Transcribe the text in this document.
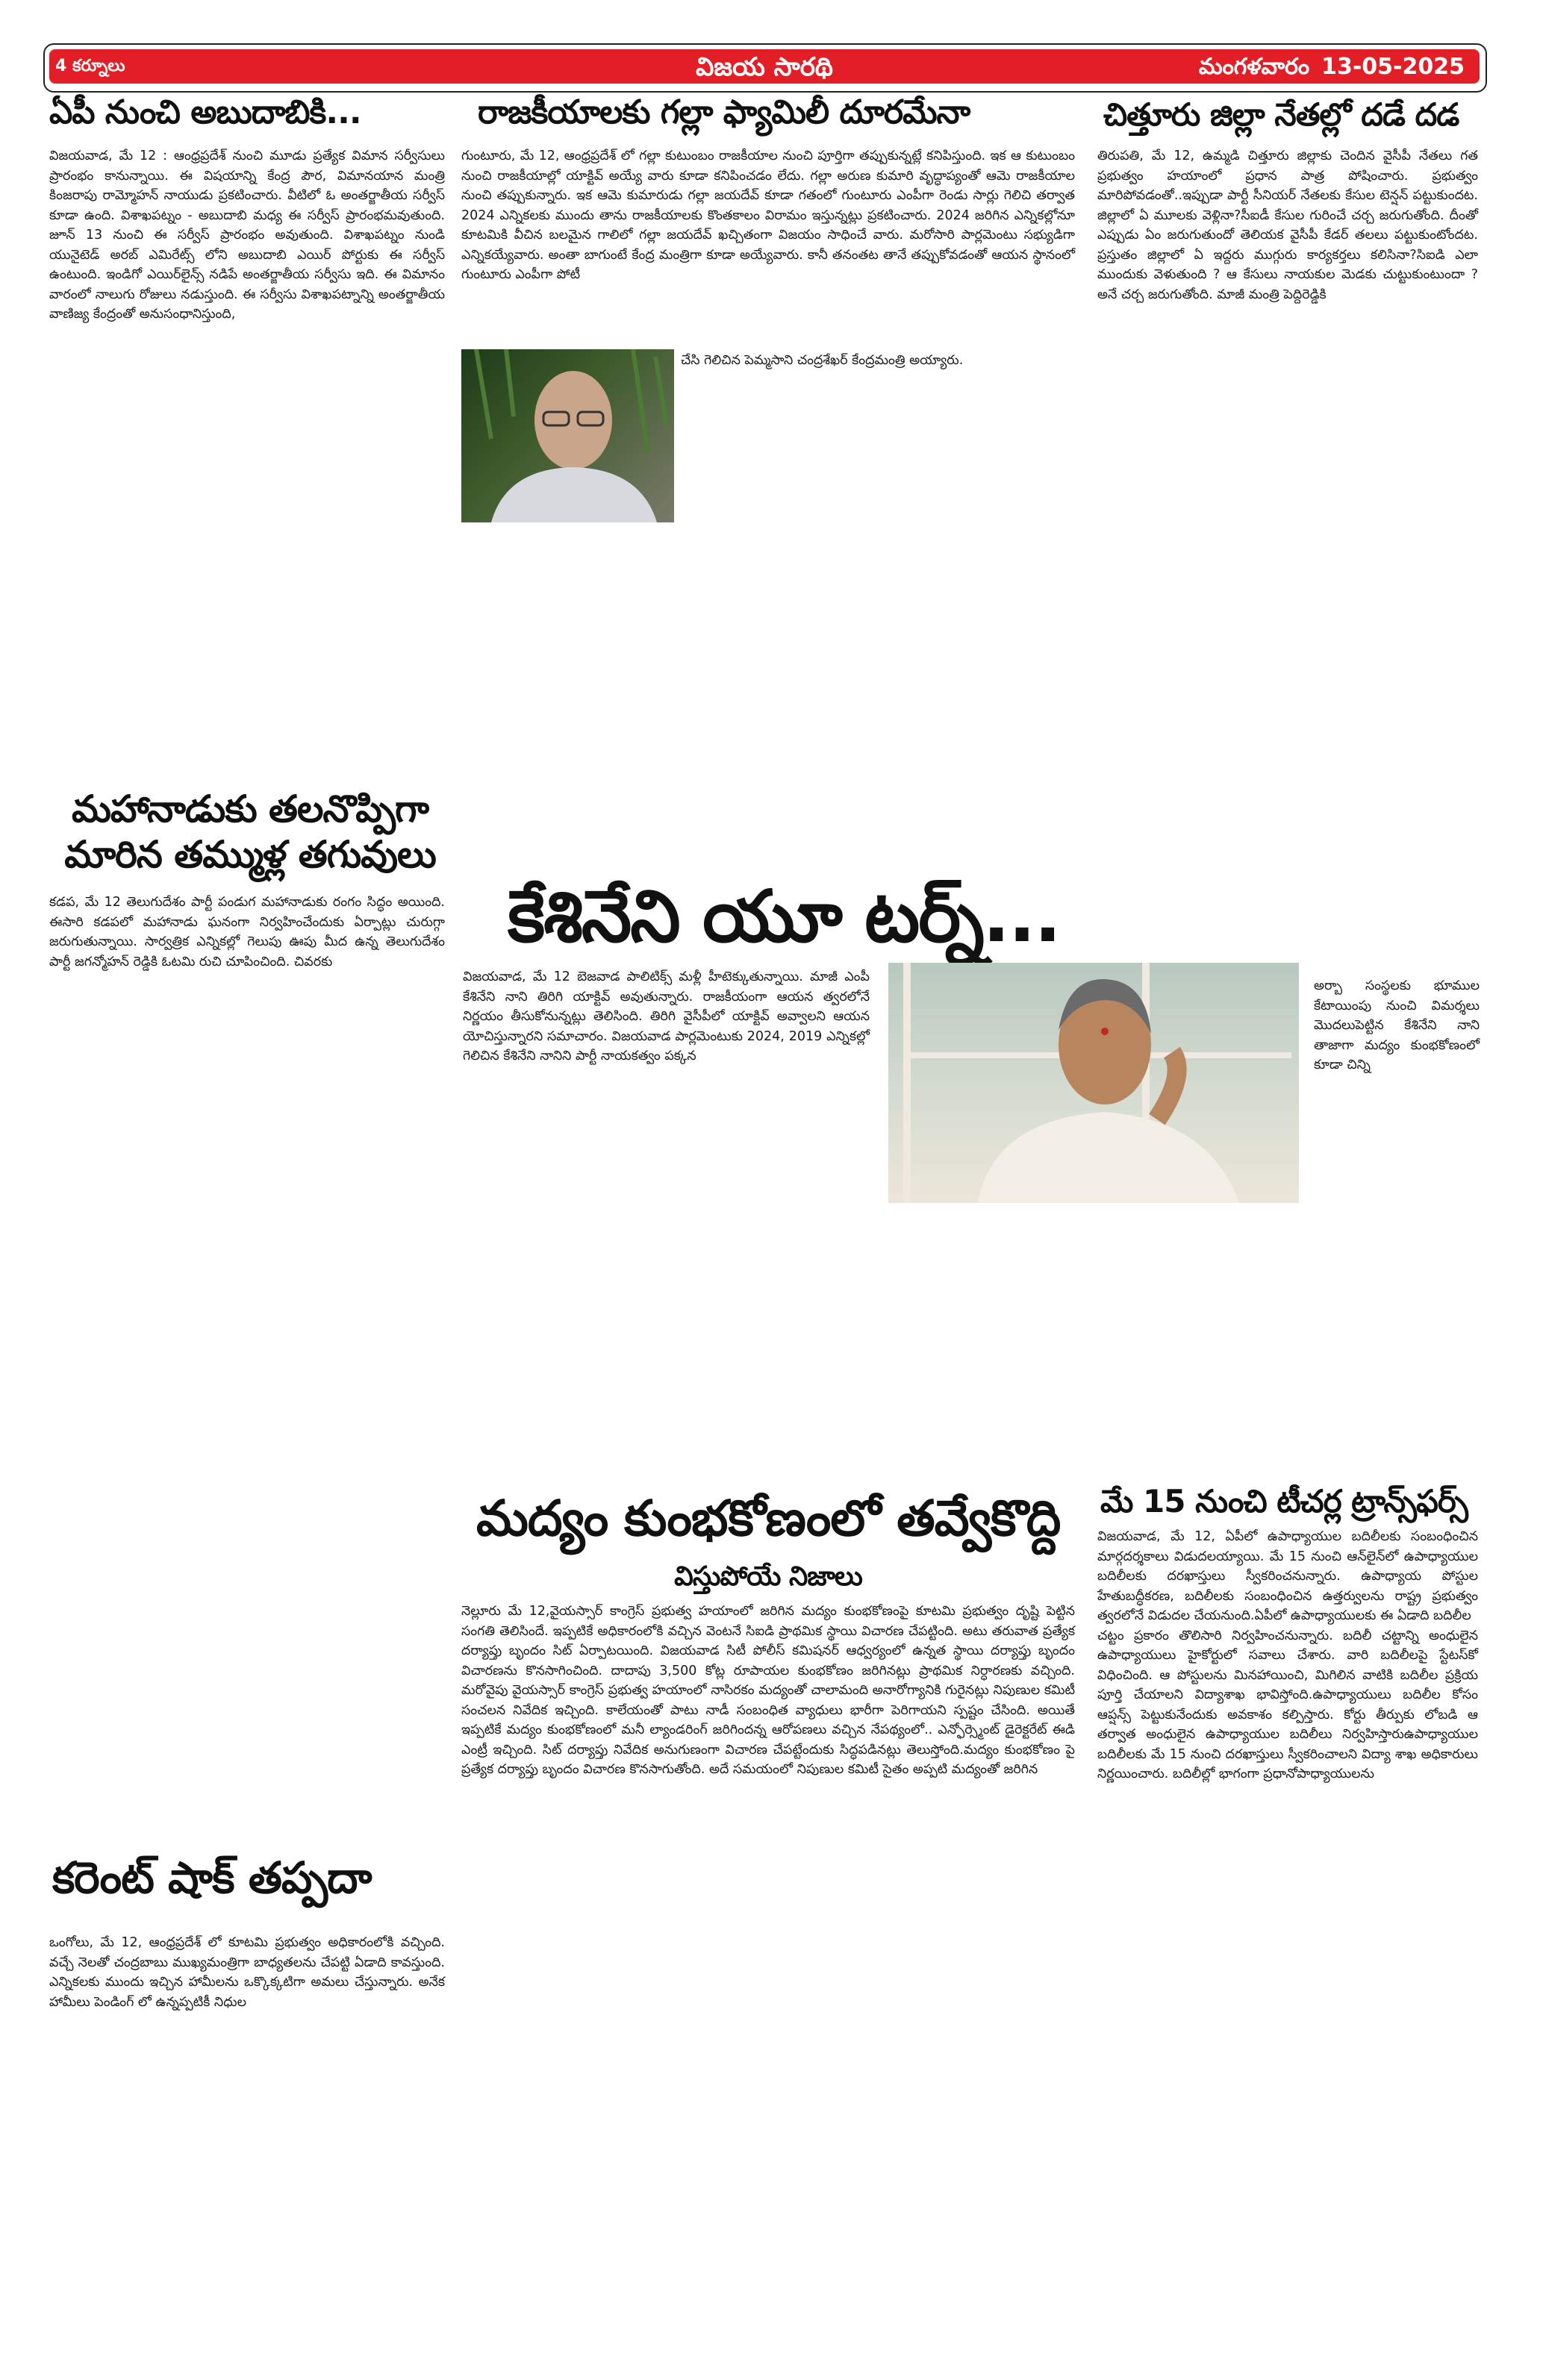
4 కర్నూలు	విజయ సారథి	మంగళవారం 13-05-2025
ఏపీ నుంచి అబుదాబికి...

విజయవాడ, మే 12 : ఆంధ్రప్రదేశ్ నుంచి మూడు ప్రత్యేక విమాన సర్వీసులు ప్రారంభం కానున్నాయి. ఈ విషయాన్ని కేంద్ర పౌర, విమానయాన మంత్రి కింజరాపు రామ్మోహన్ నాయుడు ప్రకటించారు. వీటిలో ఓ అంతర్జాతీయ సర్వీస్ కూడా ఉంది. విశాఖపట్నం - అబుదాబి మధ్య ఈ సర్వీస్ ప్రారంభమవుతుంది. జూన్ 13 నుంచి ఈ సర్వీస్ ప్రారంభం అవుతుంది. విశాఖపట్నం నుండి యునైటెడ్ అరబ్ ఎమిరేట్స్ లోని అబుదాబి ఎయిర్ పోర్టుకు ఈ సర్వీస్ ఉంటుంది. ఇండిగో ఎయిర్‌లైన్స్ నడిపే అంతర్జాతీయ సర్వీసు ఇది. ఈ విమానం వారంలో నాలుగు రోజులు నడుస్తుంది. ఈ సర్వీసు విశాఖపట్నాన్ని అంతర్జాతీయ వాణిజ్య కేంద్రంతో అనుసంధానిస్తుంది,

రాజకీయాలకు గల్లా ఫ్యామిలీ దూరమేనా

గుంటూరు, మే 12, ఆంధ్రప్రదేశ్ లో గల్లా కుటుంబం రాజకీయాల నుంచి పూర్తిగా తప్పుకున్నట్లే కనిపిస్తుంది. ఇక ఆ కుటుంబం నుంచి రాజకీయాల్లో యాక్టివ్ అయ్యే వారు కూడా కనిపించడం లేదు. గల్లా అరుణ కుమారి వృద్ధాప్యంతో ఆమె రాజకీయాల నుంచి తప్పుకున్నారు. ఇక ఆమె కుమారుడు గల్లా జయదేవ్ కూడా గతంలో గుంటూరు ఎంపీగా రెండు సార్లు గెలిచి తర్వాత 2024 ఎన్నికలకు ముందు తాను రాజకీయాలకు కొంతకాలం విరామం ఇస్తున్నట్లు ప్రకటించారు. 2024 జరిగిన ఎన్నికల్లోనూ కూటమికి వీచిన బలమైన గాలిలో గల్లా జయదేవ్ ఖచ్చితంగా విజయం సాధించే వారు. మరోసారి పార్లమెంటు సభ్యుడిగా ఎన్నికయ్యేవారు. అంతా బాగుంటే కేంద్ర మంత్రిగా కూడా అయ్యేవారు. కానీ తనంతట తానే తప్పుకోవడంతో ఆయన స్థానంలో గుంటూరు ఎంపీగా పోటీ

చేసి గెలిచిన పెమ్మసాని చంద్రశేఖర్ కేంద్రమంత్రి అయ్యారు.

చిత్తూరు జిల్లా నేతల్లో దడే దడ

తిరుపతి, మే 12, ఉమ్మడి చిత్తూరు జిల్లాకు చెందిన వైసీపీ నేతలు గత ప్రభుత్వం హయాంలో ప్రధాన పాత్ర పోషించారు. ప్రభుత్వం మారిపోవడంతో..ఇప్పుడా పార్టీ సీనియర్ నేతలకు కేసుల టెన్షన్ పట్టుకుందట. జిల్లాలో ఏ మూలకు వెళ్లినా?సీఐడీ కేసుల గురించే చర్చ జరుగుతోంది. దీంతో ఎప్పుడు ఏం జరుగుతుందో తెలియక వైసీపీ కేడర్ తలలు పట్టుకుంటోందట. ప్రస్తుతం జిల్లాలో ఏ ఇద్దరు ముగ్గురు కార్యకర్తలు కలిసినా?సిఐడి ఎలా ముందుకు వెళుతుంది ? ఆ కేసులు నాయకుల మెడకు చుట్టుకుంటుందా ? అనే చర్చ జరుగుతోంది. మాజీ మంత్రి పెద్దిరెడ్డికి

మహానాడుకు తలనొప్పిగా
మారిన తమ్ముళ్ల తగువులు

కడప, మే 12 తెలుగుదేశం పార్టీ పండుగ మహానాడుకు రంగం సిద్ధం అయింది. ఈసారి కడపలో మహానాడు ఘనంగా నిర్వహించేందుకు ఏర్పాట్లు చురుగ్గా జరుగుతున్నాయి. సార్వత్రిక ఎన్నికల్లో గెలుపు ఊపు మీద ఉన్న తెలుగుదేశం పార్టీ జగన్మోహన్ రెడ్డికి ఓటమి రుచి చూపించింది. చివరకు

కరెంట్ షాక్ తప్పదా

ఒంగోలు, మే 12, ఆంధ్రప్రదేశ్ లో కూటమి ప్రభుత్వం అధికారంలోకి వచ్చింది. వచ్చే నెలతో చంద్రబాబు ముఖ్యమంత్రిగా బాధ్యతలను చేపట్టి ఏడాది కావస్తుంది. ఎన్నికలకు ముందు ఇచ్చిన హామీలను ఒక్కొక్కటిగా అమలు చేస్తున్నారు. అనేక హామీలు పెండింగ్ లో ఉన్నప్పటికీ నిధుల

కేశినేని యూ టర్న్...

విజయవాడ, మే 12 బెజవాడ పాలిటిక్స్ మళ్లీ హీటెక్కుతున్నాయి. మాజీ ఎంపీ కేశినేని నాని తిరిగి యాక్టివ్ అవుతున్నారు. రాజకీయంగా ఆయన త్వరలోనే నిర్ణయం తీసుకోనున్నట్లు తెలిసింది. తిరిగి వైసీపీలో యాక్టివ్ అవ్వాలని ఆయన యోచిస్తున్నారని సమాచారం. విజయవాడ పార్లమెంటుకు 2024, 2019 ఎన్నికల్లో గెలిచిన కేశినేని నానిని పార్టీ నాయకత్వం పక్కన

అర్బా సంస్థలకు భూముల కేటాయింపు నుంచి విమర్శలు మొదలుపెట్టిన కేశినేని నాని తాజాగా మద్యం కుంభకోణంలో కూడా చిన్ని

మద్యం కుంభకోణంలో తవ్వేకొద్ది
విస్తుపోయే నిజాలు

నెల్లూరు మే 12,వైయస్సార్ కాంగ్రెస్ ప్రభుత్వ హయాంలో జరిగిన మద్యం కుంభకోణంపై కూటమి ప్రభుత్వం దృష్టి పెట్టిన సంగతి తెలిసిందే. ఇప్పటికే అధికారంలోకి వచ్చిన వెంటనే సిఐడి ప్రాథమిక స్థాయి విచారణ చేపట్టింది. అటు తరువాత ప్రత్యేక దర్యాప్తు బృందం సిట్ ఏర్పాటయింది. విజయవాడ సిటీ పోలీస్ కమిషనర్ ఆధ్వర్యంలో ఉన్నత స్థాయి దర్యాప్తు బృందం విచారణను కొనసాగించింది. దాదాపు 3,500 కోట్ల రూపాయల కుంభకోణం జరిగినట్లు ప్రాథమిక నిర్ధారణకు వచ్చింది. మరోవైపు వైయస్సార్ కాంగ్రెస్ ప్రభుత్వ హయాంలో నాసిరకం మద్యంతో చాలామంది అనారోగ్యానికి గురైనట్లు నిపుణుల కమిటీ సంచలన నివేదిక ఇచ్చింది. కాలేయంతో పాటు నాడీ సంబంధిత వ్యాధులు భారీగా పెరిగాయని స్పష్టం చేసింది. అయితే ఇప్పటికే మద్యం కుంభకోణంలో మనీ ల్యాండరింగ్ జరిగిందన్న ఆరోపణలు వచ్చిన నేపథ్యంలో.. ఎన్ఫోర్స్మెంట్ డైరెక్టరేట్ ఈడి ఎంట్రీ ఇచ్చింది. సిట్ దర్యాప్తు నివేదిక అనుగుణంగా విచారణ చేపట్టేందుకు సిద్ధపడినట్లు తెలుస్తోంది.మద్యం కుంభకోణం పై ప్రత్యేక దర్యాప్తు బృందం విచారణ కొనసాగుతోంది. అదే సమయంలో నిపుణుల కమిటీ సైతం అప్పటి మద్యంతో జరిగిన

మే 15 నుంచి టీచర్ల ట్రాన్స్‌ఫర్స్

విజయవాడ, మే 12, ఏపీలో ఉపాధ్యాయుల బదిలీలకు సంబంధించిన మార్గదర్శకాలు విడుదలయ్యాయి. మే 15 నుంచి ఆన్‌లైన్‌లో ఉపాధ్యాయుల బదిలీలకు దరఖాస్తులు స్వీకరించనున్నారు. ఉపాధ్యాయ పోస్టుల హేతుబద్ధీకరణ, బదిలీలకు సంబంధించిన ఉత్తర్వులను రాష్ట్ర ప్రభుత్వం త్వరలోనే విడుదల చేయనుంది.ఏపీలో ఉపాధ్యాయులకు ఈ ఏడాది బదిలీల

చట్టం ప్రకారం తొలిసారి నిర్వహించనున్నారు. బదిలీ చట్టాన్ని అంధులైన ఉపాధ్యాయులు హైకోర్టులో సవాలు చేశారు. వారి బదిలీలపై స్టేటస్‌కో విధించింది. ఆ పోస్టులను మినహాయించి, మిగిలిన వాటికి బదిలీల ప్రక్రియ పూర్తి చేయాలని విద్యాశాఖ భావిస్తోంది.ఉపాధ్యాయులు బదిలీల కోసం ఆప్షన్స్ పెట్టుకునేందుకు అవకాశం కల్పిస్తారు. కోర్టు తీర్పుకు లోబడి ఆ తర్వాత అంధులైన ఉపాధ్యాయుల బదిలీలు నిర్వహిస్తారుఉపాధ్యాయుల బదిలీలకు మే 15 నుంచి దరఖాస్తులు స్వీకరించాలని విద్యా శాఖ అధికారులు నిర్ణయించారు. బదిలీల్లో భాగంగా ప్రధానోపాధ్యాయులను
